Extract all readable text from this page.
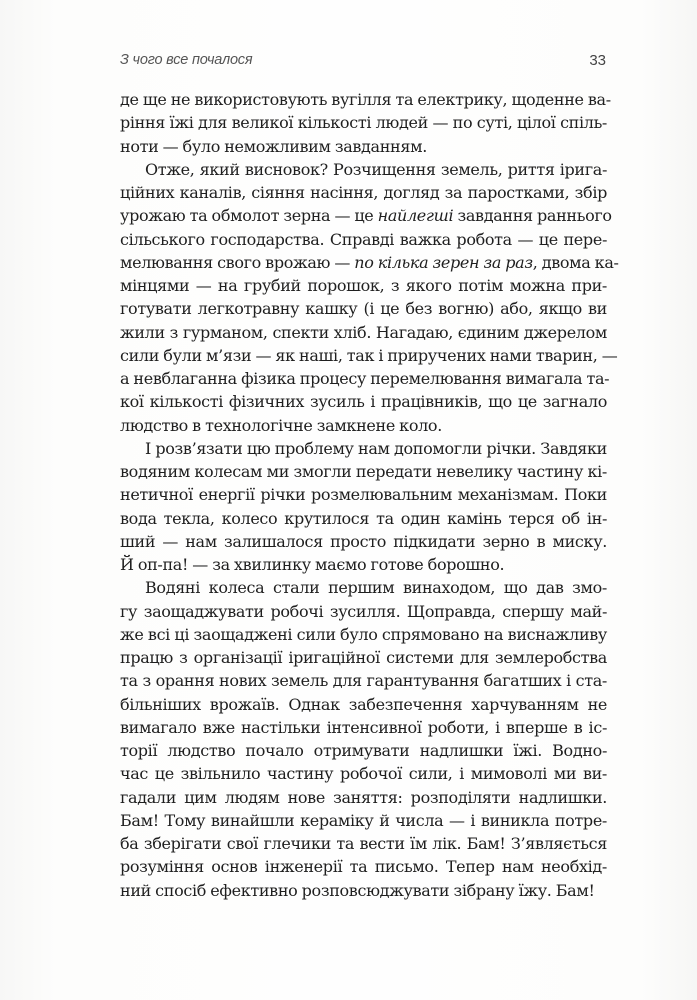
З чого все почалося	33
де ще не використовують вугілля та електрику, щоденне ва-
ріння їжі для великої кількості людей — по суті, цілої спіль-
ноти — було неможливим завданням.
Отже, який висновок? Розчищення земель, риття іригa-
ційних каналів, сіяння насіння, догляд за паростками, збір
урожаю та обмолот зерна — це найлегші завдання раннього
сільського господарства. Справді важка робота — це пере-
мелювання свого врожаю — по кілька зерен за раз, двома ка-
мінцями — на грубий порошок, з якого потім можна при-
готувати легкотравну кашку (і це без вогню) або, якщо ви
жили з гурманом, спекти хліб. Нагадаю, єдиним джерелом
сили були м’язи — як наші, так і приручених нами тварин, —
а невблаганна фізика процесу перемелювання вимагала та-
кої кількості фізичних зусиль і працівників, що це загнало
людство в технологічне замкнене коло.
І розв’язати цю проблему нам допомогли річки. Завдяки
водяним колесам ми змогли передати невелику частину кі-
нетичної енергії річки розмелювальним механізмам. Поки
вода текла, колесо крутилося та один камінь терся об ін-
ший — нам залишалося просто підкидати зерно в миску.
Й оп-па! — за хвилинку маємо готове борошно.
Водяні колеса стали першим винаходом, що дав змо-
гу заощаджувати робочі зусилля. Щоправда, спершу май-
же всі ці заощаджені сили було спрямовано на виснажливу
працю з організації іригаційної системи для землеробства
та з орання нових земель для гарантування багатших і ста-
більніших врожаїв. Однак забезпечення харчуванням не
вимагало вже настільки інтенсивної роботи, і вперше в іс-
торії людство почало отримувати надлишки їжі. Водно-
час це звільнило частину робочої сили, і мимоволі ми ви-
гадали цим людям нове заняття: розподіляти надлишки.
Бам! Тому винайшли кераміку й числа — і виникла потре-
ба зберігати свої глечики та вести їм лік. Бам! З’являється
розуміння основ інженерії та письмо. Тепер нам необхід-
ний спосіб ефективно розповсюджувати зібрану їжу. Бам!
